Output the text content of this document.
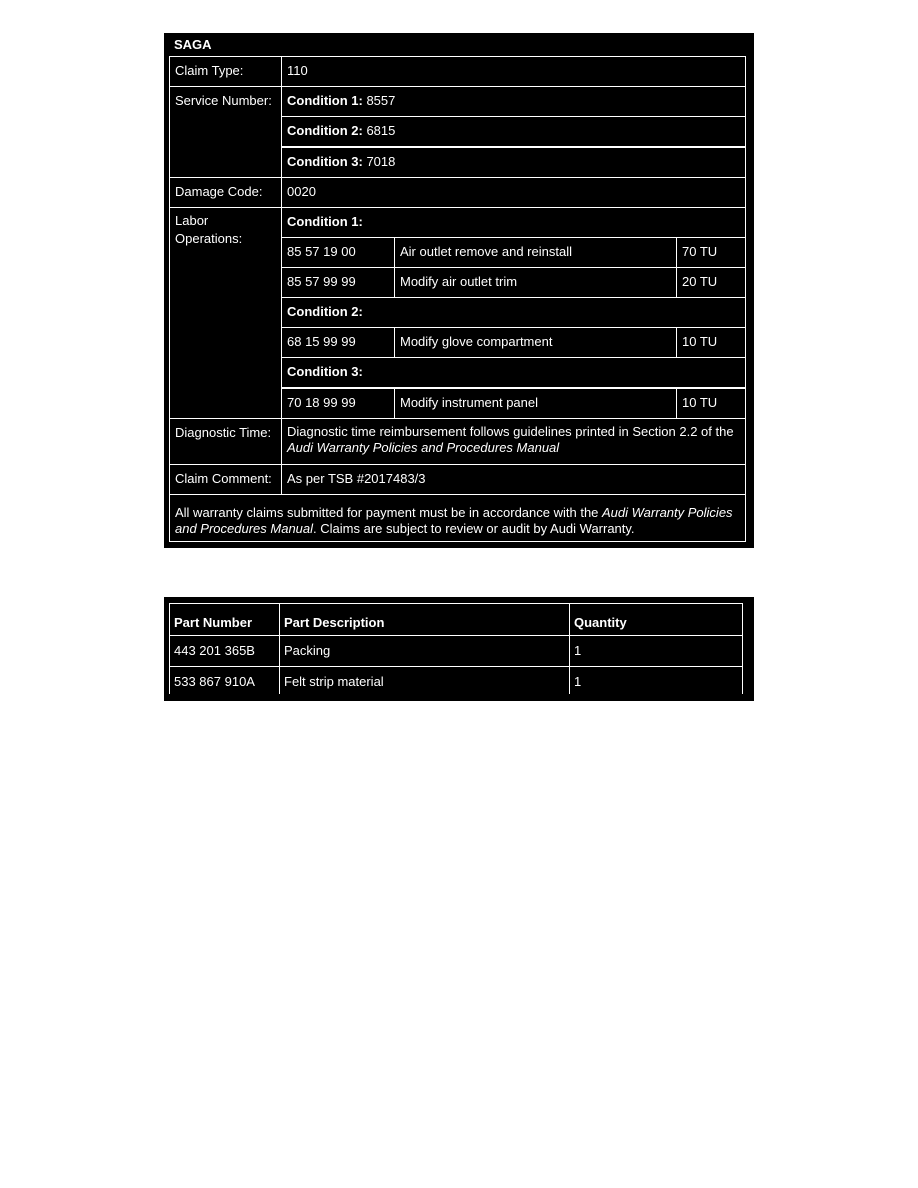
SAGA
Claim Type:	110
Service Number:	Condition 1: 8557
Condition 2: 6815
Condition 3: 7018
Damage Code:	0020
Labor
Operations:
Condition 1:
85 57 19 00	Air outlet remove and reinstall	70 TU
85 57 99 99	Modify air outlet trim	20 TU
Condition 2:
68 15 99 99	Modify glove compartment	10 TU
Condition 3:
70 18 99 99	Modify instrument panel	10 TU
Diagnostic Time:	Diagnostic time reimbursement follows guidelines printed in Section 2.2 of the Audi Warranty Policies and Procedures Manual
Claim Comment:	As per TSB #2017483/3
All warranty claims submitted for payment must be in accordance with the Audi Warranty Policies and Procedures Manual. Claims are subject to review or audit by Audi Warranty.
Part Number	Part Description	Quantity
443 201 365B	Packing	1
533 867 910A	Felt strip material	1
